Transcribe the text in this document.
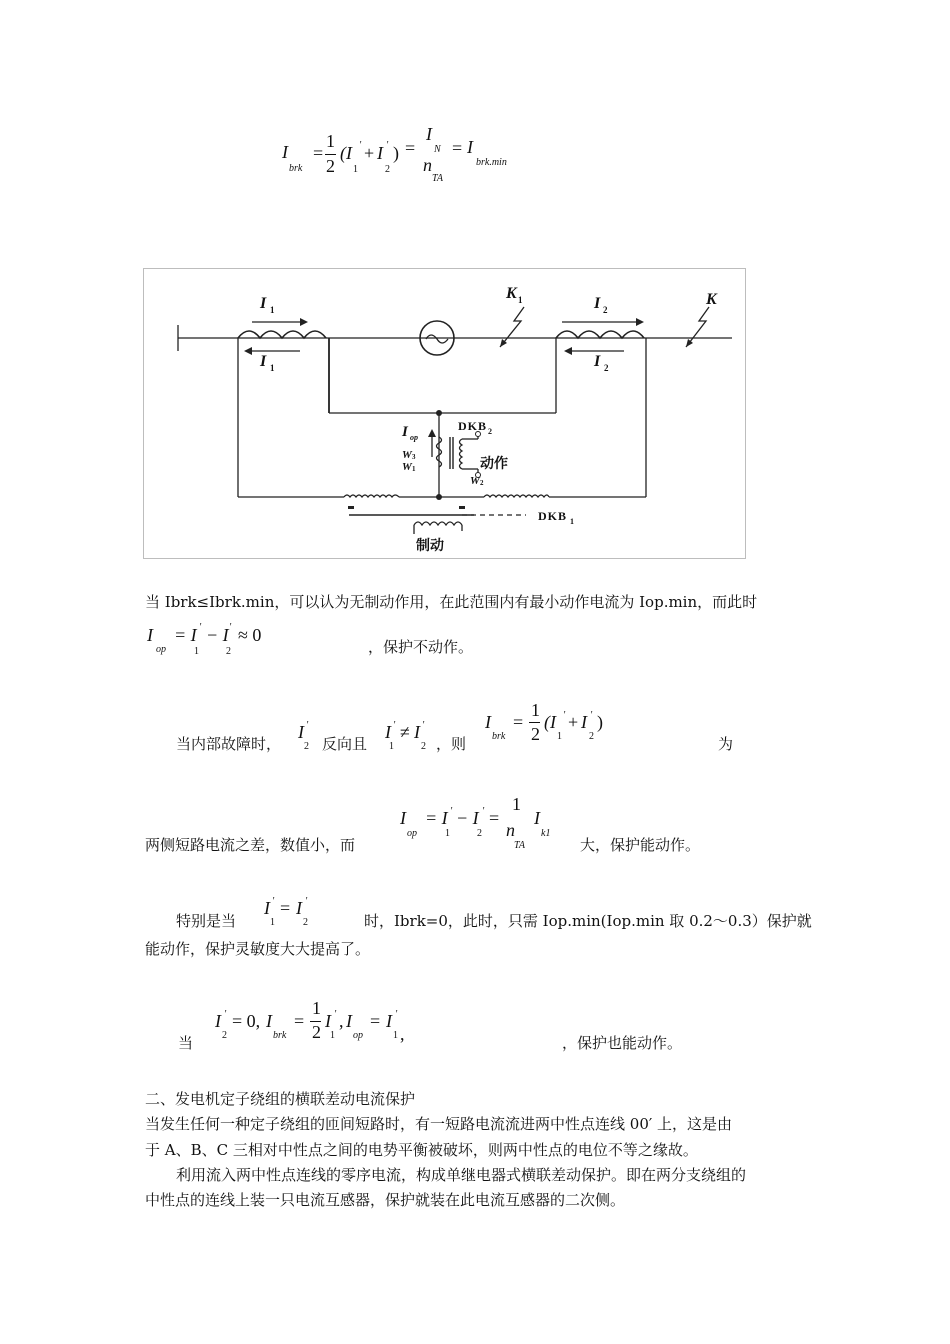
I
brk
=
1
2
(I ′
1
+ I ′
2
) =
I
N
n
TA
= I
brk.min
I 1
I 1
K 1	I 2
I 2
K
I op
DKB 2
W 3
W 1
W 2
动作
DKB 1
制动
当 Ibrk≤Ibrk.min，可以认为无制动作用，在此范围内有最小动作电流为 Iop.min，而此时
I
op
= I ′
1
− I ′
2
≈ 0
，保护不动作。
当内部故障时，
I ′
2 反向且
I ′
1
≠ I ′
2 ，则
I
brk
=
1
2
(I ′
1
+ I ′
2
)
为
两侧短路电流之差，数值小，而
I
op
= I ′
1
− I ′
2
=
1
n
TA
I
k1
大，保护能动作。
特别是当
I ′
1
= I ′
2	时，Ibrk=0，此时，只需 Iop.min(Iop.min 取 0.2～0.3）保护就
能动作，保护灵敏度大大提高了。
当
I ′
2
= 0, I
brk
=
1
2
I ′
1
, I
op
= I ′
1 ,	，保护也能动作。
二、发电机定子绕组的横联差动电流保护
当发生任何一种定子绕组的匝间短路时，有一短路电流流进两中性点连线 00′ 上，这是由
于 A、B、C 三相对中性点之间的电势平衡被破坏，则两中性点的电位不等之缘故。
利用流入两中性点连线的零序电流，构成单继电器式横联差动保护。即在两分支绕组的
中性点的连线上装一只电流互感器，保护就装在此电流互感器的二次侧。
